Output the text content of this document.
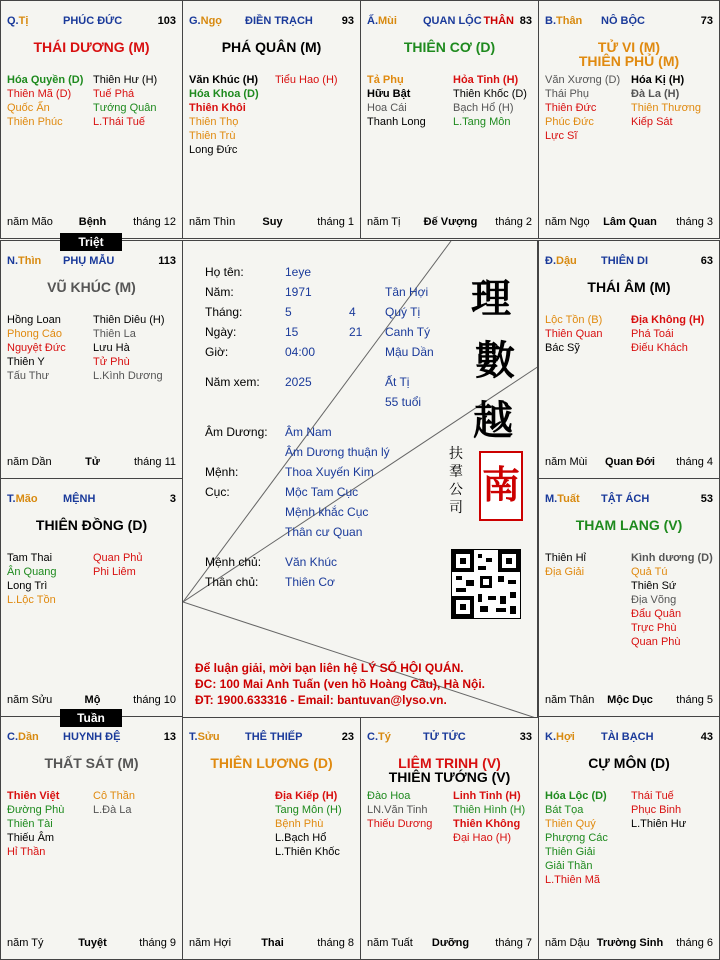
Q.Tị	PHÚC ĐỨC	103
THÁI DƯƠNG (M)
Hóa Quyền (D)
Thiên Mã (D)
Quốc Ấn
Thiên Phúc
Thiên Hư (H)
Tuế Phá
Tướng Quân
L.Thái Tuế
năm Mão Bệnh tháng 12
G.Ngọ ĐIỀN TRẠCH	93
PHÁ QUÂN (M)
Văn Khúc (H)
Hóa Khoa (D)
Thiên Khôi
Thiên Thọ
Thiên Trù
Long Đức
Tiểu Hao (H)
năm Thìn Suy	tháng 1
Ấ.Mùi QUAN LỘC THÂN 83
THIÊN CƠ (D)
Tả Phụ
Hữu Bật
Hoa Cái
Thanh Long
Hỏa Tinh (H)
Thiên Khốc (D)
Bạch Hổ (H)
L.Tang Môn
năm Tị Đế Vượng tháng 2
B.Thân NÔ BỘC	73
TỬ VI (M)
THIÊN PHỦ (M)
Văn Xương (D)
Thái Phụ
Thiên Đức
Phúc Đức
Lực Sĩ
Hóa Kị (H)
Đà La (H)
Thiên Thương
Kiếp Sát
năm Ngọ Lâm Quan tháng 3
N.Thìn PHỤ MẪU	113
VŨ KHÚC (M)
Hồng Loan
Phong Cáo
Nguyệt Đức
Thiên Y
Tấu Thư
Thiên Diêu (H)
Thiên La
Lưu Hà
Tử Phù
L.Kình Dương
năm Dần	Tử	tháng 11
Đ.Dậu THIÊN DI	63
THÁI ÂM (M)
Lộc Tồn (B)
Thiên Quan
Bác Sỹ
Địa Không (H)
Phá Toái
Điếu Khách
năm Mùi Quan Đới tháng 4
T.Mão MỆNH	3
THIÊN ĐỒNG (D)
Tam Thai
Ân Quang
Long Trì
L.Lộc Tồn
Quan Phủ
Phi Liêm
năm Sửu	Mộ	tháng 10
M.Tuất TẬT ÁCH	53
THAM LANG (V)
Thiên Hỉ
Địa Giải
Kình dương (D)
Quả Tú
Thiên Sứ
Địa Võng
Đẩu Quân
Trực Phù
Quan Phù
năm Thân Mộc Dục tháng 5
C.Dần HUYNH ĐỆ	13
THẤT SÁT (M)
Thiên Việt
Đường Phù
Thiên Tài
Thiếu Âm
Hỉ Thần
Cô Thần
L.Đà La
năm Tý	Tuyệt	tháng 9
T.Sửu THÊ THIẾP	23
THIÊN LƯƠNG (D)
Địa Kiếp (H)
Tang Môn (H)
Bệnh Phù
L.Bạch Hổ
L.Thiên Khốc
năm Hợi	Thai	tháng 8
C.Tý	TỬ TỨC	33
LIÊM TRINH (V)
THIÊN TƯỚNG (V)
Đào Hoa
LN.Văn Tinh
Thiếu Dương
Linh Tinh (H)
Thiên Hình (H)
Thiên Không
Đại Hao (H)
năm Tuất Dưỡng tháng 7
K.Hợi TÀI BẠCH	43
CỰ MÔN (D)
Hóa Lộc (D)
Bát Tọa
Thiên Quý
Phượng Các
Thiên Giải
Giải Thần
L.Thiên Mã
Thái Tuế
Phục Binh
L.Thiên Hư
năm Dậu Trường Sinh tháng 6
Họ tên:	1eye
Năm:	1971	Tân Hợi
Tháng:	5	4 Quý Tị
Ngày:	15	21 Canh Tý
Giờ:	04:00	Mậu Dần
Năm xem: 2025	Ất Tị
55 tuổi
Âm Dương: Âm Nam
Âm Dương thuận lý
Mệnh:	Thoa Xuyến Kim
Cục:	Mộc Tam Cục
Mệnh khắc Cục
Thân cư Quan
Mệnh chủ: Văn Khúc
Thân chủ: Thiên Cơ
理
數
越
南
扶
羣
公
司
Để luận giải, mời bạn liên hệ LÝ SỐ HỘI QUÁN.
ĐC: 100 Mai Anh Tuấn (ven hồ Hoàng Cầu), Hà Nội.
ĐT: 1900.633316 - Email: bantuvan@lyso.vn.
Triệt
Tuần
